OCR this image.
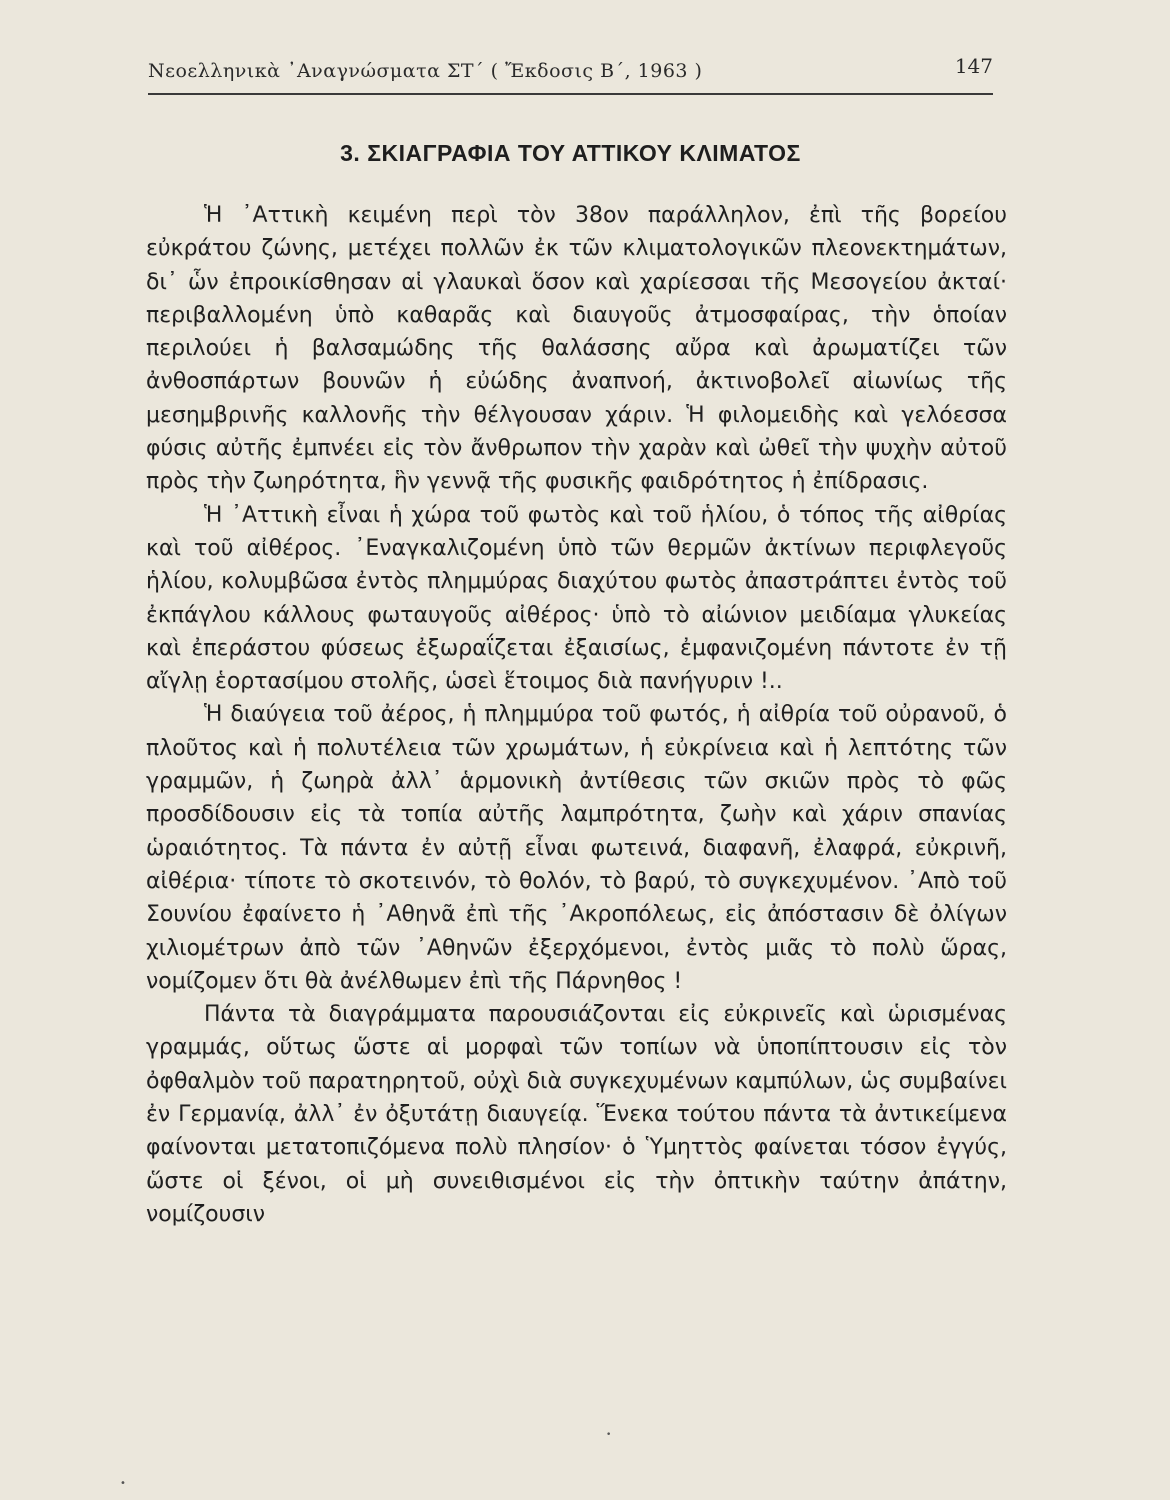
Νεοελληνικὰ ᾿Αναγνώσματα ΣΤ΄ ( Ἔκδοσις Β΄, 1963 )	147
3. ΣΚΙΑΓΡΑΦΙΑ ΤΟΥ ΑΤΤΙΚΟΥ ΚΛΙΜΑΤΟΣ

Ἡ ᾿Αττικὴ κειμένη περὶ τὸν 38ον παράλληλον, ἐπὶ τῆς βορείου εὐκράτου ζώνης, μετέχει πολλῶν ἐκ τῶν κλιματολογικῶν πλεονεκτημάτων, δι᾿ ὧν ἐπροικίσθησαν αἱ γλαυκαὶ ὅσον καὶ χαρίεσσαι τῆς Μεσογείου ἀκταί· περιβαλλομένη ὑπὸ καθαρᾶς καὶ διαυγοῦς ἀτμοσφαίρας, τὴν ὁποίαν περιλούει ἡ βαλσαμώδης τῆς θαλάσσης αὔρα καὶ ἀρωματίζει τῶν ἀνθοσπάρτων βουνῶν ἡ εὐώδης ἀναπνοή, ἀκτινοβολεῖ αἰωνίως τῆς μεσημβρινῆς καλλονῆς τὴν θέλγουσαν χάριν. Ἡ φιλομειδὴς καὶ γελόεσσα φύσις αὐτῆς ἐμπνέει εἰς τὸν ἄνθρωπον τὴν χαρὰν καὶ ὠθεῖ τὴν ψυχὴν αὐτοῦ πρὸς τὴν ζωηρότητα, ἣν γεννᾷ τῆς φυσικῆς φαιδρότητος ἡ ἐπίδρασις.

Ἡ ᾿Αττικὴ εἶναι ἡ χώρα τοῦ φωτὸς καὶ τοῦ ἡλίου, ὁ τόπος τῆς αἰθρίας καὶ τοῦ αἰθέρος. ᾿Εναγκαλιζομένη ὑπὸ τῶν θερμῶν ἀκτίνων περιφλεγοῦς ἡλίου, κολυμβῶσα ἐντὸς πλημμύρας διαχύτου φωτὸς ἀπαστράπτει ἐντὸς τοῦ ἐκπάγλου κάλλους φωταυγοῦς αἰθέρος· ὑπὸ τὸ αἰώνιον μειδίαμα γλυκείας καὶ ἐπεράστου φύσεως ἐξωραΐζεται ἐξαισίως, ἐμφανιζομένη πάντοτε ἐν τῇ αἴγλῃ ἑορτασίμου στολῆς, ὡσεὶ ἕτοιμος διὰ πανήγυριν !..

Ἡ διαύγεια τοῦ ἀέρος, ἡ πλημμύρα τοῦ φωτός, ἡ αἰθρία τοῦ οὐρανοῦ, ὁ πλοῦτος καὶ ἡ πολυτέλεια τῶν χρωμάτων, ἡ εὐκρίνεια καὶ ἡ λεπτότης τῶν γραμμῶν, ἡ ζωηρὰ ἀλλ᾿ ἁρμονικὴ ἀντίθεσις τῶν σκιῶν πρὸς τὸ φῶς προσδίδουσιν εἰς τὰ τοπία αὐτῆς λαμπρότητα, ζωὴν καὶ χάριν σπανίας ὡραιότητος. Τὰ πάντα ἐν αὐτῇ εἶναι φωτεινά, διαφανῆ, ἐλαφρά, εὐκρινῆ, αἰθέρια· τίποτε τὸ σκοτεινόν, τὸ θολόν, τὸ βαρύ, τὸ συγκεχυμένον. ᾿Απὸ τοῦ Σουνίου ἐφαίνετο ἡ ᾿Αθηνᾶ ἐπὶ τῆς ᾿Ακροπόλεως, εἰς ἀπόστασιν δὲ ὀλίγων χιλιομέτρων ἀπὸ τῶν ᾿Αθηνῶν ἐξερχόμενοι, ἐντὸς μιᾶς τὸ πολὺ ὥρας, νομίζομεν ὅτι θὰ ἀνέλθωμεν ἐπὶ τῆς Πάρνηθος !

Πάντα τὰ διαγράμματα παρουσιάζονται εἰς εὐκρινεῖς καὶ ὡρισμένας γραμμάς, οὕτως ὥστε αἱ μορφαὶ τῶν τοπίων νὰ ὑποπίπτουσιν εἰς τὸν ὀφθαλμὸν τοῦ παρατηρητοῦ, οὐχὶ διὰ συγκεχυμένων καμπύλων, ὡς συμβαίνει ἐν Γερμανίᾳ, ἀλλ᾿ ἐν ὀξυτάτῃ διαυγείᾳ. Ἕνεκα τούτου πάντα τὰ ἀντικείμενα φαίνονται μετατοπιζόμενα πολὺ πλησίον· ὁ Ὑμηττὸς φαίνεται τόσον ἐγγύς, ὥστε οἱ ξένοι, οἱ μὴ συνειθισμένοι εἰς τὴν ὀπτικὴν ταύτην ἀπάτην, νομίζουσιν

•
•
